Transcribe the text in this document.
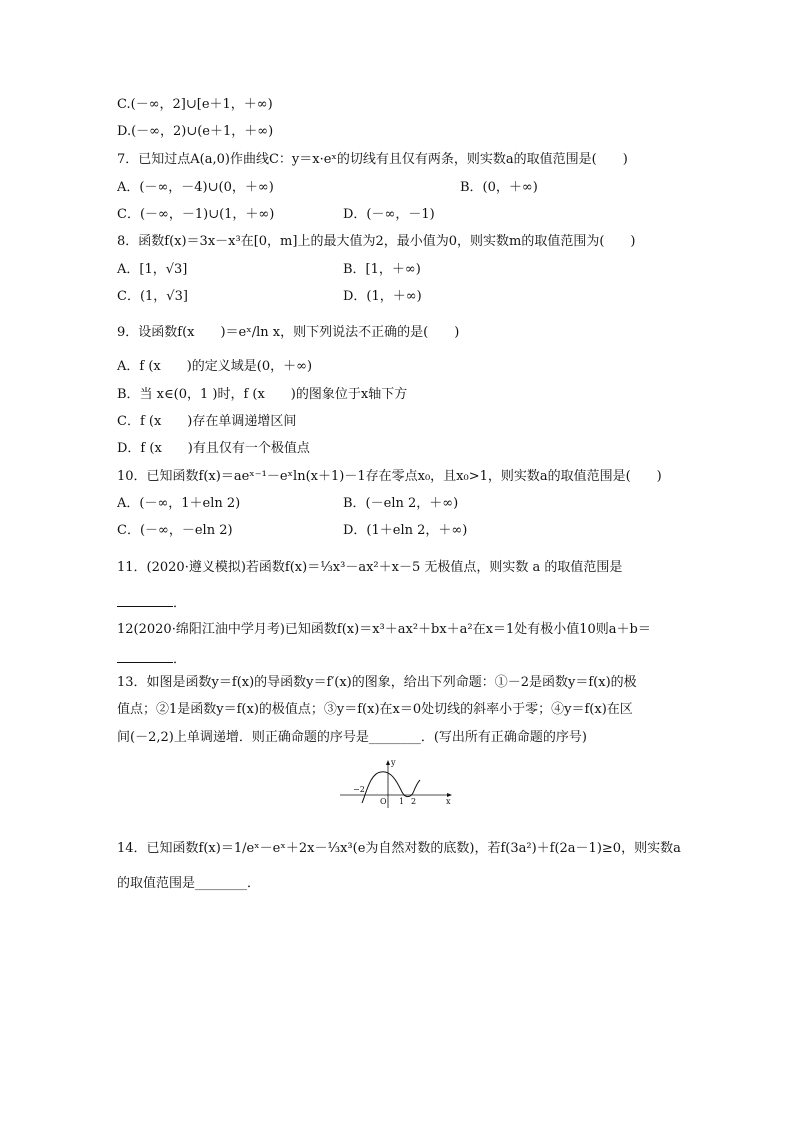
C.(－∞，2]∪[e＋1，＋∞)
D.(－∞，2)∪(e＋1，＋∞)
7．已知过点A(a,0)作曲线C：y＝x·eˣ的切线有且仅有两条，则实数a的取值范围是(　　)
A．(－∞，－4)∪(0，＋∞)	B．(0，＋∞)
C．(－∞，－1)∪(1，＋∞)	D．(－∞，－1)
8．函数f(x)＝3x－x³在[0，m]上的最大值为2，最小值为0，则实数m的取值范围为(　　)
A．[1，√3]	B．[1，＋∞)
C．(1，√3]	D．(1，＋∞)
9．设函数f(x　　)＝eˣ/ln x，则下列说法不正确的是(　　)
A．f (x　　)的定义域是(0，＋∞)
B．当 x∈(0，1 )时，f (x　　)的图象位于x轴下方
C．f (x　　)存在单调递增区间
D．f (x　　)有且仅有一个极值点
10．已知函数f(x)＝aeˣ⁻¹－eˣln(x＋1)－1存在零点x₀，且x₀>1，则实数a的取值范围是(　　)
A．(－∞，1＋eln 2)	B．(－eln 2，＋∞)
C．(－∞，－eln 2)	D．(1＋eln 2，＋∞)
11．(2020·遵义模拟)若函数f(x)＝⅓x³－ax²＋x－5 无极值点，则实数 a 的取值范围是
．
12(2020·绵阳江油中学月考)已知函数f(x)＝x³＋ax²＋bx＋a²在x＝1处有极小值10则a＋b＝
．
13．如图是函数y＝f(x)的导函数y＝f′(x)的图象，给出下列命题：①－2是函数y＝f(x)的极
值点；②1是函数y＝f(x)的极值点；③y＝f(x)在x＝0处切线的斜率小于零；④y＝f(x)在区
间(－2,2)上单调递增．则正确命题的序号是________．(写出所有正确命题的序号)
y
x
O
−2
1 2
14．已知函数f(x)＝1/eˣ－eˣ＋2x－⅓x³(e为自然对数的底数)，若f(3a²)＋f(2a－1)≥0，则实数a
的取值范围是________．
